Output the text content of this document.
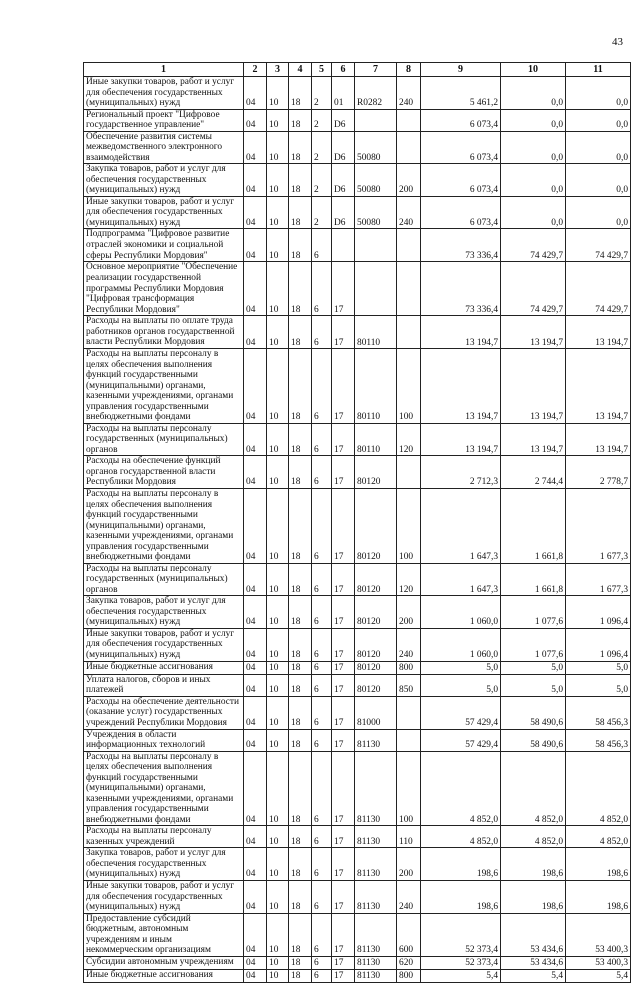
43
1	2	3	4	5	6	7	8	9	10	11
Иные закупки товаров, работ и услуг для обеспечения государственных (муниципальных) нужд	04	10	18	2	01	R0282	240	5 461,2	0,0	0,0
Региональный проект "Цифровое государственное управление"	04	10	18	2	D6			6 073,4	0,0	0,0
Обеспечение развития системы межведомственного электронного взаимодействия	04	10	18	2	D6	50080		6 073,4	0,0	0,0
Закупка товаров, работ и услуг для обеспечения государственных (муниципальных) нужд	04	10	18	2	D6	50080	200	6 073,4	0,0	0,0
Иные закупки товаров, работ и услуг для обеспечения государственных (муниципальных) нужд	04	10	18	2	D6	50080	240	6 073,4	0,0	0,0
Подпрограмма "Цифровое развитие отраслей экономики и социальной сферы Республики Мордовия"	04	10	18	6				73 336,4	74 429,7	74 429,7
Основное мероприятие "Обеспечение реализации государственной программы Республики Мордовия "Цифровая трансформация Республики Мордовия"	04	10	18	6	17			73 336,4	74 429,7	74 429,7
Расходы на выплаты по оплате труда работников органов государственной власти Республики Мордовия	04	10	18	6	17	80110		13 194,7	13 194,7	13 194,7
Расходы на выплаты персоналу в целях обеспечения выполнения функций государственными (муниципальными) органами, казенными учреждениями, органами управления государственными внебюджетными фондами	04	10	18	6	17	80110	100	13 194,7	13 194,7	13 194,7
Расходы на выплаты персоналу государственных (муниципальных) органов	04	10	18	6	17	80110	120	13 194,7	13 194,7	13 194,7
Расходы на обеспечение функций органов государственной власти Республики Мордовия	04	10	18	6	17	80120		2 712,3	2 744,4	2 778,7
Расходы на выплаты персоналу в целях обеспечения выполнения функций государственными (муниципальными) органами, казенными учреждениями, органами управления государственными внебюджетными фондами	04	10	18	6	17	80120	100	1 647,3	1 661,8	1 677,3
Расходы на выплаты персоналу государственных (муниципальных) органов	04	10	18	6	17	80120	120	1 647,3	1 661,8	1 677,3
Закупка товаров, работ и услуг для обеспечения государственных (муниципальных) нужд	04	10	18	6	17	80120	200	1 060,0	1 077,6	1 096,4
Иные закупки товаров, работ и услуг для обеспечения государственных (муниципальных) нужд	04	10	18	6	17	80120	240	1 060,0	1 077,6	1 096,4
Иные бюджетные ассигнования	04	10	18	6	17	80120	800	5,0	5,0	5,0
Уплата налогов, сборов и иных платежей	04	10	18	6	17	80120	850	5,0	5,0	5,0
Расходы на обеспечение деятельности (оказание услуг) государственных учреждений Республики Мордовия	04	10	18	6	17	81000		57 429,4	58 490,6	58 456,3
Учреждения в области информационных технологий	04	10	18	6	17	81130		57 429,4	58 490,6	58 456,3
Расходы на выплаты персоналу в целях обеспечения выполнения функций государственными (муниципальными) органами, казенными учреждениями, органами управления государственными внебюджетными фондами	04	10	18	6	17	81130	100	4 852,0	4 852,0	4 852,0
Расходы на выплаты персоналу казенных учреждений	04	10	18	6	17	81130	110	4 852,0	4 852,0	4 852,0
Закупка товаров, работ и услуг для обеспечения государственных (муниципальных) нужд	04	10	18	6	17	81130	200	198,6	198,6	198,6
Иные закупки товаров, работ и услуг для обеспечения государственных (муниципальных) нужд	04	10	18	6	17	81130	240	198,6	198,6	198,6
Предоставление субсидий бюджетным, автономным учреждениям и иным некоммерческим организациям	04	10	18	6	17	81130	600	52 373,4	53 434,6	53 400,3
Субсидии автономным учреждениям	04	10	18	6	17	81130	620	52 373,4	53 434,6	53 400,3
Иные бюджетные ассигнования	04	10	18	6	17	81130	800	5,4	5,4	5,4
